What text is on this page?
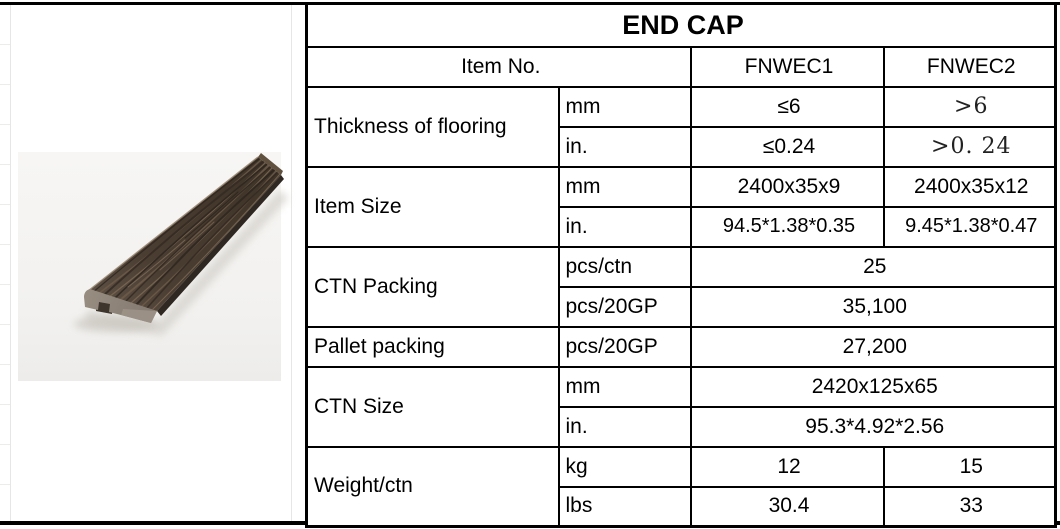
END CAP			
Item No.		FNWEC1	FNWEC2
Thickness of flooring	mm	≤6	>6
	in.	≤0.24	>0. 24
Item Size	mm	2400x35x9	2400x35x12
	in.	94.5*1.38*0.35	9.45*1.38*0.47
CTN Packing	pcs/ctn	25	
	pcs/20GP	35,100	
Pallet packing	pcs/20GP	27,200	
CTN Size	mm	2420x125x65	
	in.	95.3*4.92*2.56	
Weight/ctn	kg	12	15
	lbs	30.4	33
